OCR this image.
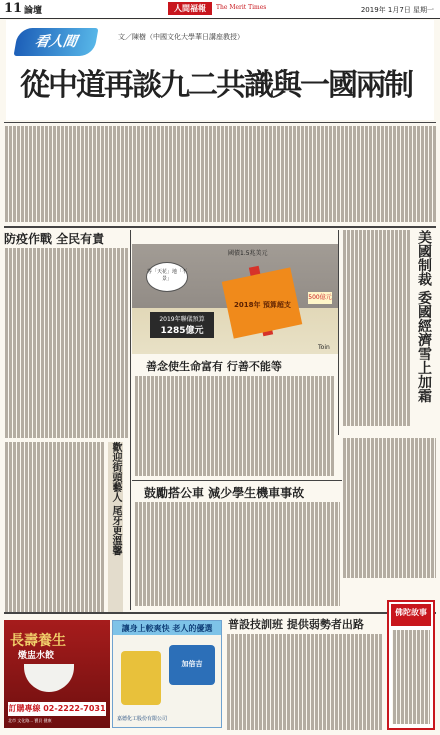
11 論壇	人間福報	The Merit Times	2019年 1月7日 星期一
看人間	文／陳樹（中國文化大學華日講座教授）
從中道再談九二共識與一國兩制
防疫作戰 全民有責
歡迎街頭藝人 尾牙更溫馨
國債1.5兆美元
等「天花」地「不景」
2018年 預算超支
500億元
2019年聯儀預算
1285億元
Toin	美國制裁 委國經濟雪上加霜
善念使生命富有 行善不能等
鼓勵搭公車 減少學生機車事故
長壽養生
燉盅水餃
訂購專線 02-2222-7031
北市 文化路... 寶貝 健康
讓身上較爽快 老人的優選
加倍吉
嘉德化工股份有限公司
普設技訓班 提供弱勢者出路
佛陀故事
